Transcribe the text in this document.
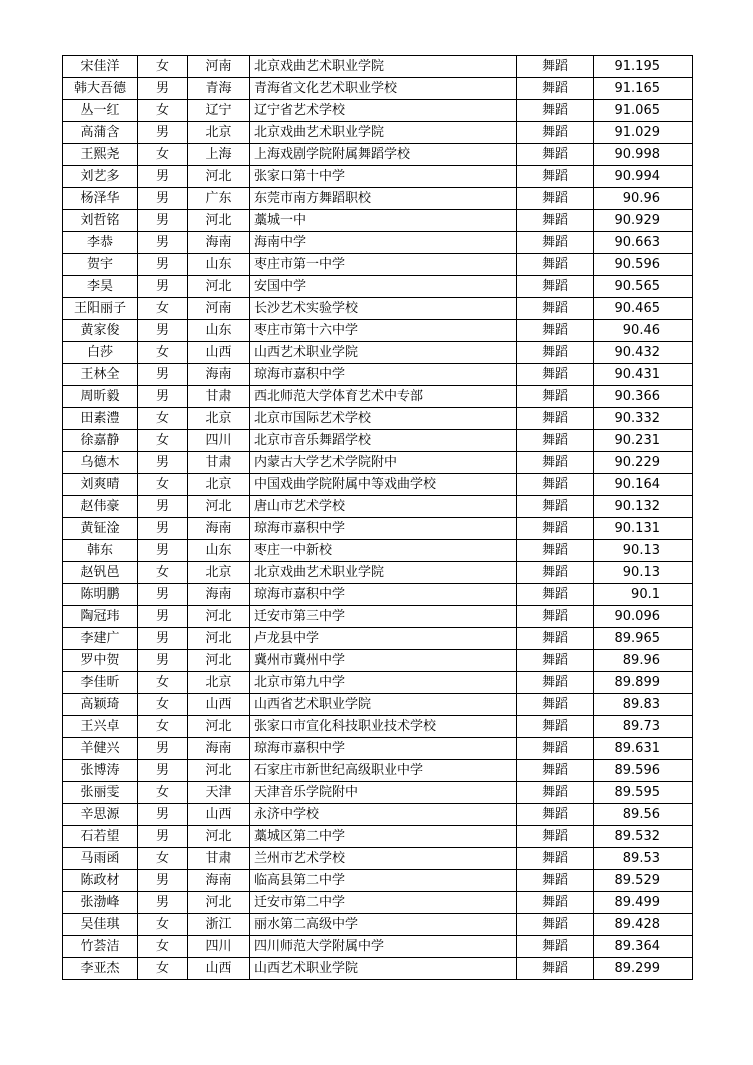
宋佳洋	女	河南	北京戏曲艺术职业学院	舞蹈	91.195
韩大吾德	男	青海	青海省文化艺术职业学校	舞蹈	91.165
丛一红	女	辽宁	辽宁省艺术学校	舞蹈	91.065
高蒲含	男	北京	北京戏曲艺术职业学院	舞蹈	91.029
王熙尧	女	上海	上海戏剧学院附属舞蹈学校	舞蹈	90.998
刘艺多	男	河北	张家口第十中学	舞蹈	90.994
杨泽华	男	广东	东莞市南方舞蹈职校	舞蹈	90.96
刘哲铭	男	河北	藁城一中	舞蹈	90.929
李恭	男	海南	海南中学	舞蹈	90.663
贺宇	男	山东	枣庄市第一中学	舞蹈	90.596
李昊	男	河北	安国中学	舞蹈	90.565
王阳丽子	女	河南	长沙艺术实验学校	舞蹈	90.465
黄家俊	男	山东	枣庄市第十六中学	舞蹈	90.46
白莎	女	山西	山西艺术职业学院	舞蹈	90.432
王林全	男	海南	琼海市嘉积中学	舞蹈	90.431
周昕毅	男	甘肃	西北师范大学体育艺术中专部	舞蹈	90.366
田素澧	女	北京	北京市国际艺术学校	舞蹈	90.332
徐嘉静	女	四川	北京市音乐舞蹈学校	舞蹈	90.231
乌德木	男	甘肃	内蒙古大学艺术学院附中	舞蹈	90.229
刘爽晴	女	北京	中国戏曲学院附属中等戏曲学校	舞蹈	90.164
赵伟豪	男	河北	唐山市艺术学校	舞蹈	90.132
黄钲淦	男	海南	琼海市嘉积中学	舞蹈	90.131
韩东	男	山东	枣庄一中新校	舞蹈	90.13
赵钒邑	女	北京	北京戏曲艺术职业学院	舞蹈	90.13
陈明鹏	男	海南	琼海市嘉积中学	舞蹈	90.1
陶冠玮	男	河北	迁安市第三中学	舞蹈	90.096
李建广	男	河北	卢龙县中学	舞蹈	89.965
罗中贺	男	河北	冀州市冀州中学	舞蹈	89.96
李佳昕	女	北京	北京市第九中学	舞蹈	89.899
高颖琦	女	山西	山西省艺术职业学院	舞蹈	89.83
王兴卓	女	河北	张家口市宣化科技职业技术学校	舞蹈	89.73
羊健兴	男	海南	琼海市嘉积中学	舞蹈	89.631
张博涛	男	河北	石家庄市新世纪高级职业中学	舞蹈	89.596
张丽雯	女	天津	天津音乐学院附中	舞蹈	89.595
辛思源	男	山西	永济中学校	舞蹈	89.56
石若望	男	河北	藁城区第二中学	舞蹈	89.532
马雨函	女	甘肃	兰州市艺术学校	舞蹈	89.53
陈政材	男	海南	临高县第二中学	舞蹈	89.529
张渤峰	男	河北	迁安市第二中学	舞蹈	89.499
吴佳琪	女	浙江	丽水第二高级中学	舞蹈	89.428
竹荟洁	女	四川	四川师范大学附属中学	舞蹈	89.364
李亚杰	女	山西	山西艺术职业学院	舞蹈	89.299
